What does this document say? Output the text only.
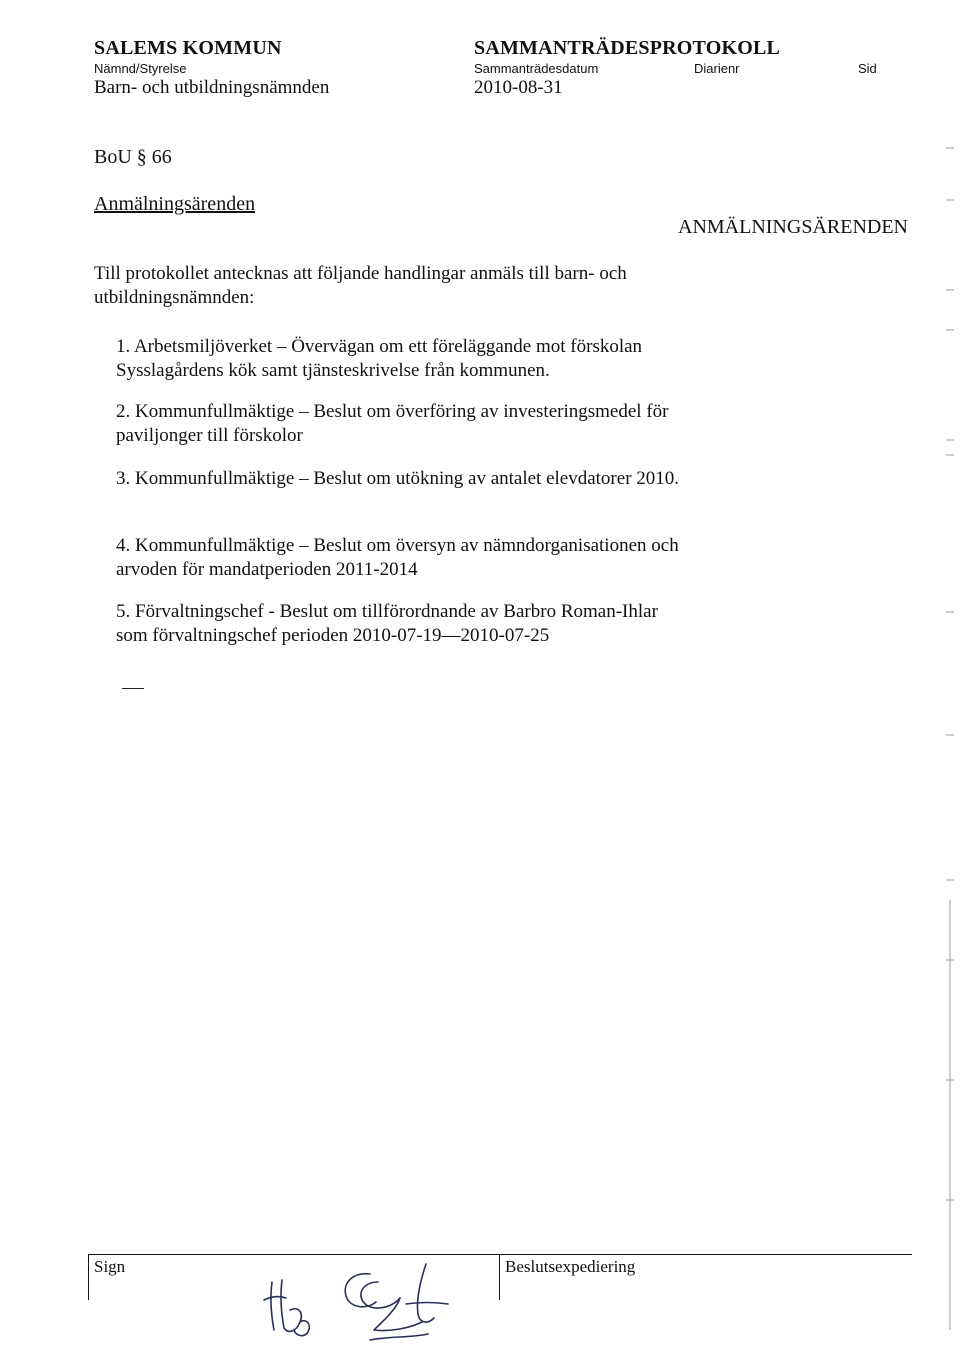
SALEMS KOMMUN	SAMMANTRÄDESPROTOKOLL
Nämnd/Styrelse	Sammanträdesdatum	Diarienr	Sid
Barn- och utbildningsnämnden	2010-08-31
BoU § 66
Anmälningsärenden
ANMÄLNINGSÄRENDEN
Till protokollet antecknas att följande handlingar anmäls till barn- och utbildningsnämnden:
1. Arbetsmiljöverket – Övervägan om ett föreläggande mot förskolan Sysslagårdens kök samt tjänsteskrivelse från kommunen.
2. Kommunfullmäktige – Beslut om överföring av investeringsmedel för paviljonger till förskolor
3. Kommunfullmäktige – Beslut om utökning av antalet elevdatorer 2010.
4. Kommunfullmäktige – Beslut om översyn av nämndorganisationen och arvoden för mandatperioden 2011-2014
5. Förvaltningschef - Beslut om tillförordnande av Barbro Roman-Ihlar som förvaltningschef perioden 2010-07-19—2010-07-25
Sign	Beslutsexpediering
